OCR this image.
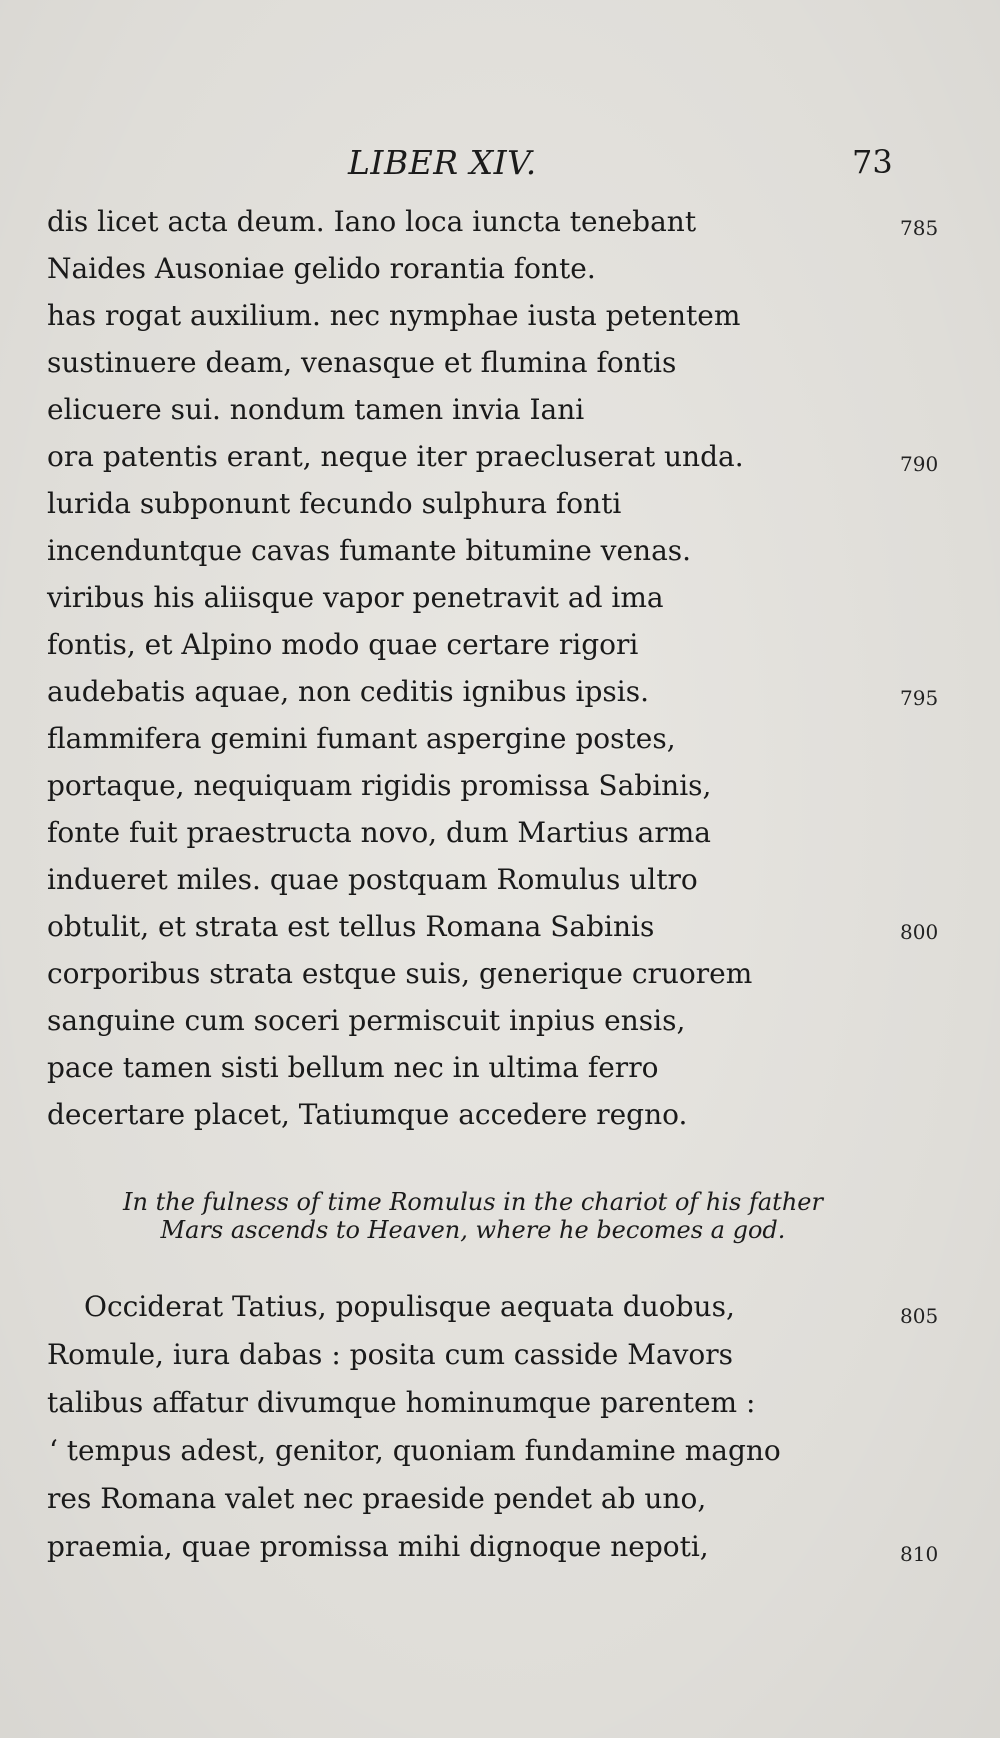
LIBER XIV.	73
dis licet acta deum. Iano loca iuncta tenebant	785
Naides Ausoniae gelido rorantia fonte.
has rogat auxilium. nec nymphae iusta petentem
sustinuere deam, venasque et flumina fontis
elicuere sui. nondum tamen invia Iani
ora patentis erant, neque iter praecluserat unda.	790
lurida subponunt fecundo sulphura fonti
incenduntque cavas fumante bitumine venas.
viribus his aliisque vapor penetravit ad ima
fontis, et Alpino modo quae certare rigori
audebatis aquae, non ceditis ignibus ipsis.	795
flammifera gemini fumant aspergine postes,
portaque, nequiquam rigidis promissa Sabinis,
fonte fuit praestructa novo, dum Martius arma
indueret miles. quae postquam Romulus ultro
obtulit, et strata est tellus Romana Sabinis	800
corporibus strata estque suis, generique cruorem
sanguine cum soceri permiscuit inpius ensis,
pace tamen sisti bellum nec in ultima ferro
decertare placet, Tatiumque accedere regno.
In the fulness of time Romulus in the chariot of his father
Mars ascends to Heaven, where he becomes a god.
Occiderat Tatius, populisque aequata duobus,	805
Romule, iura dabas : posita cum casside Mavors
talibus affatur divumque hominumque parentem :
‘ tempus adest, genitor, quoniam fundamine magno
res Romana valet nec praeside pendet ab uno,
praemia, quae promissa mihi dignoque nepoti,	810
